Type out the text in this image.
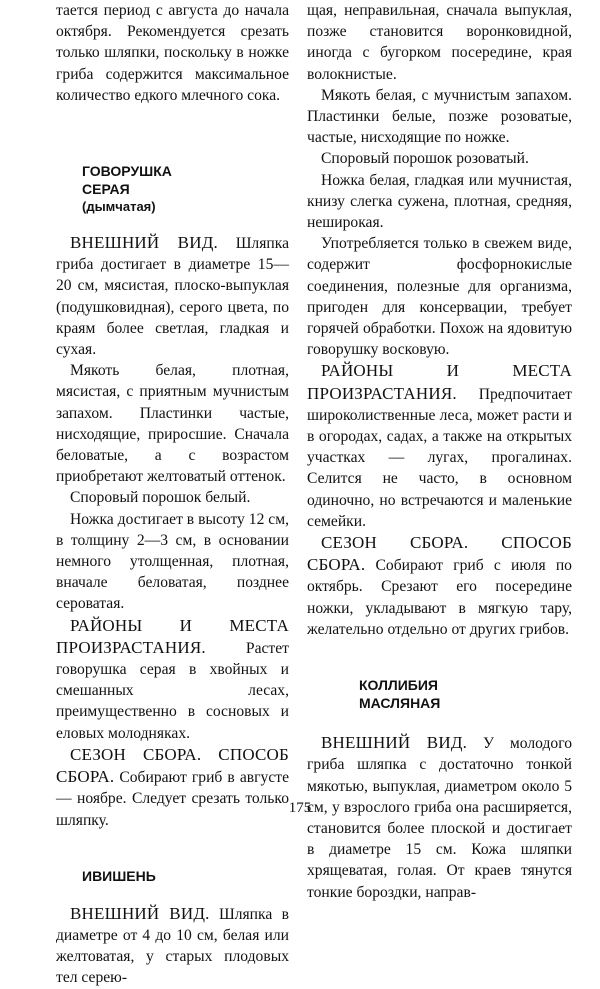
тается период с августа до начала октября. Рекомендуется срезать только шляпки, поскольку в ножке гриба содержится максимальное количество едкого млечного сока.

ГОВОРУШКА
СЕРАЯ
(дымчатая)

ВНЕШНИЙ ВИД. Шляпка гриба достигает в диаметре 15—20 см, мясистая, плоско-выпуклая (подушковидная), серого цвета, по краям более светлая, гладкая и сухая.

Мякоть белая, плотная, мясистая, с приятным мучнистым запахом. Пластинки частые, нисходящие, приросшие. Сначала беловатые, а с возрастом приобретают желтоватый оттенок.

Споровый порошок белый.

Ножка достигает в высоту 12 см, в толщину 2—3 см, в основании немного утолщенная, плотная, вначале беловатая, позднее сероватая.

РАЙОНЫ И МЕСТА ПРОИЗРАСТАНИЯ.	Растет говорушка серая в хвойных и смешанных лесах, преимущественно в сосновых и еловых молодняках.

СЕЗОН СБОРА. СПОСОБ СБОРА. Собирают гриб в августе — ноябре. Следует срезать только шляпку.

ИВИШЕНЬ

ВНЕШНИЙ ВИД. Шляпка в диаметре от 4 до 10 см, белая или желтоватая, у старых плодовых тел серею-

щая, неправильная, сначала выпуклая, позже становится воронковидной, иногда с бугорком посередине, края волокнистые.

Мякоть белая, с мучнистым запахом. Пластинки белые, позже розоватые, частые, нисходящие по ножке.

Споровый порошок розоватый.

Ножка белая, гладкая или мучнистая, книзу слегка сужена, плотная, средняя, неширокая.

Употребляется только в свежем виде, содержит фосфорнокислые соединения, полезные для организма, пригоден для консервации, требует горячей обработки. Похож на ядовитую говорушку восковую.

РАЙОНЫ И МЕСТА ПРОИЗРАСТАНИЯ. Предпочитает широколиственные леса, может расти и в огородах, садах, а также на открытых участках — лугах, прогалинах. Селится не часто, в основном одиночно, но встречаются и маленькие семейки.

СЕЗОН СБОРА. СПОСОБ СБОРА. Собирают гриб с июля по октябрь. Срезают его посередине ножки, укладывают в мягкую тару, желательно отдельно от других грибов.

КОЛЛИБИЯ
МАСЛЯНАЯ

ВНЕШНИЙ ВИД. У молодого гриба шляпка с достаточно тонкой мякотью, выпуклая, диаметром около 5 см, у взрослого гриба она расширяется, становится более плоской и достигает в диаметре 15 см. Кожа шляпки хрящеватая, голая. От краев тянутся тонкие бороздки, направ-

175
